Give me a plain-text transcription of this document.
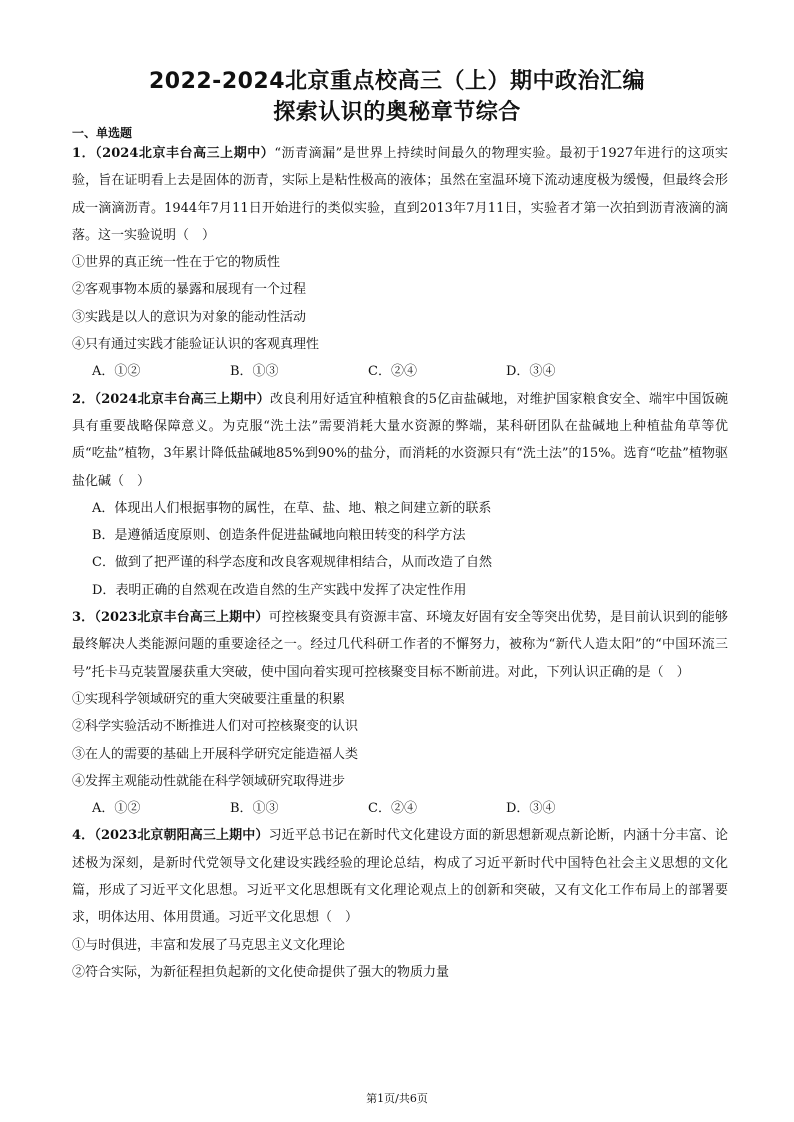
2022-2024北京重点校高三（上）期中政治汇编
探索认识的奥秘章节综合
一、单选题

1．（2024北京丰台高三上期中）“沥青滴漏”是世界上持续时间最久的物理实验。最初于1927年进行的这项实验，旨在证明看上去是固体的沥青，实际上是粘性极高的液体；虽然在室温环境下流动速度极为缓慢，但最终会形成一滴滴沥青。1944年7月11日开始进行的类似实验，直到2013年7月11日，实验者才第一次拍到沥青液滴的滴落。这一实验说明（　）

①世界的真正统一性在于它的物质性

②客观事物本质的暴露和展现有一个过程

③实践是以人的意识为对象的能动性活动

④只有通过实践才能验证认识的客观真理性

A．①②	B．①③	C．②④	D．③④

2．（2024北京丰台高三上期中）改良利用好适宜种植粮食的5亿亩盐碱地，对维护国家粮食安全、端牢中国饭碗具有重要战略保障意义。为克服“洗土法”需要消耗大量水资源的弊端，某科研团队在盐碱地上种植盐角草等优质“吃盐”植物，3年累计降低盐碱地85%到90%的盐分，而消耗的水资源只有“洗土法”的15%。选育“吃盐”植物驱盐化碱（　）

A．体现出人们根据事物的属性，在草、盐、地、粮之间建立新的联系

B．是遵循适度原则、创造条件促进盐碱地向粮田转变的科学方法

C．做到了把严谨的科学态度和改良客观规律相结合，从而改造了自然

D．表明正确的自然观在改造自然的生产实践中发挥了决定性作用

3．（2023北京丰台高三上期中）可控核聚变具有资源丰富、环境友好固有安全等突出优势，是目前认识到的能够最终解决人类能源问题的重要途径之一。经过几代科研工作者的不懈努力，被称为“新代人造太阳”的“中国环流三号”托卡马克装置屡获重大突破，使中国向着实现可控核聚变目标不断前进。对此，下列认识正确的是（　）

①实现科学领域研究的重大突破要注重量的积累

②科学实验活动不断推进人们对可控核聚变的认识

③在人的需要的基础上开展科学研究定能造福人类

④发挥主观能动性就能在科学领域研究取得进步

A．①②	B．①③	C．②④	D．③④

4．（2023北京朝阳高三上期中）习近平总书记在新时代文化建设方面的新思想新观点新论断，内涵十分丰富、论述极为深刻，是新时代党领导文化建设实践经验的理论总结，构成了习近平新时代中国特色社会主义思想的文化篇，形成了习近平文化思想。习近平文化思想既有文化理论观点上的创新和突破，又有文化工作布局上的部署要求，明体达用、体用贯通。习近平文化思想（　）

①与时俱进，丰富和发展了马克思主义文化理论

②符合实际，为新征程担负起新的文化使命提供了强大的物质力量

第1页/共6页
